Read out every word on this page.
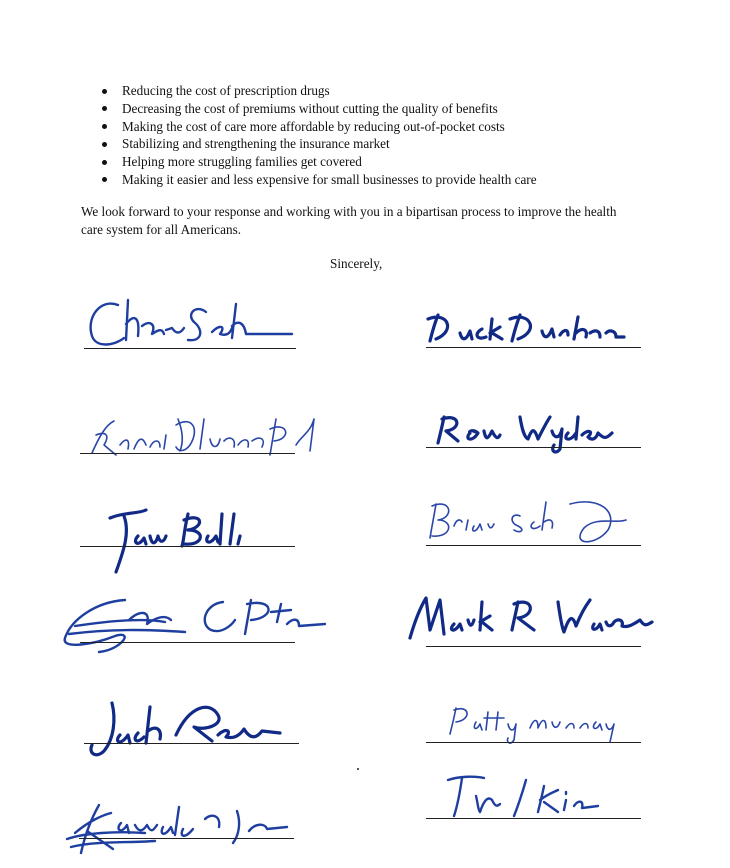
Reducing the cost of prescription drugs
Decreasing the cost of premiums without cutting the quality of benefits
Making the cost of care more affordable by reducing out-of-pocket costs
Stabilizing and strengthening the insurance market
Helping more struggling families get covered
Making it easier and less expensive for small businesses to provide health care

We look forward to your response and working with you in a bipartisan process to improve the health care system for all Americans.

Sincerely,
